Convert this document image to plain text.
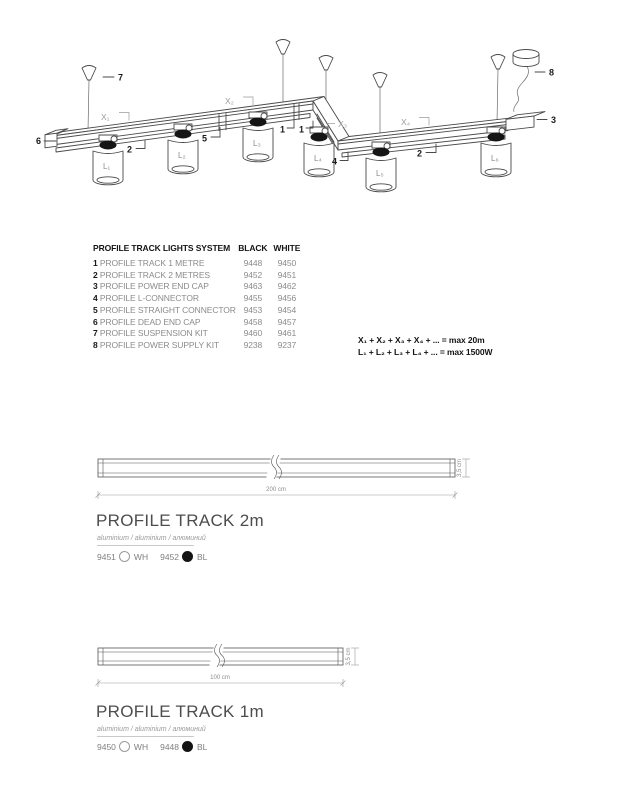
L₁
L₂
L₃
L₄
L₅
L₆
X₁
X₂
X₃	X₄
6
7
2
5
1 1
4
2
8
3
PROFILE TRACK LIGHTS SYSTEM	BLACK	WHITE
1 PROFILE TRACK 1 METRE	9448	9450
2 PROFILE TRACK 2 METRES	9452	9451
3 PROFILE POWER END CAP	9463	9462
4 PROFILE L-CONNECTOR	9455	9456
5 PROFILE STRAIGHT CONNECTOR	9453	9454
6 PROFILE DEAD END CAP	9458	9457
7 PROFILE SUSPENSION KIT	9460	9461
8 PROFILE POWER SUPPLY KIT	9238	9237	X₁ + X₂ + X₃ + X₄ + ... = max 20m
L₁ + L₂ + L₃ + L₄ + ... = max 1500W
200 cm
3,5 cm
PROFILE TRACK 2m
aluminium / aluminium / алюминий
9451 WH 9452 BL
100 cm
3,5 cm
PROFILE TRACK 1m
aluminium / aluminium / алюминий
9450 WH 9448 BL
